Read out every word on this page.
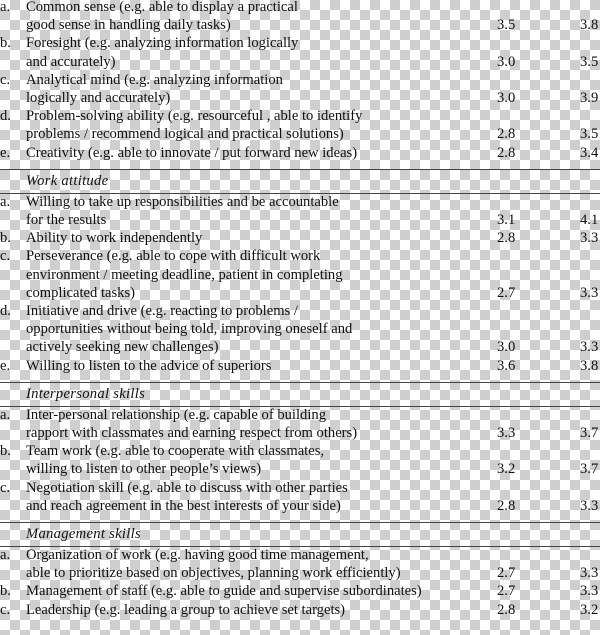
a. Common sense (e.g. able to display a practical
good sense in handling daily tasks)	3.5	3.8
b. Foresight (e.g. analyzing information logically
and accurately)	3.0	3.5
c. Analytical mind (e.g. analyzing information
logically and accurately)	3.0	3.9
d. Problem-solving ability (e.g. resourceful , able to identify
problems / recommend logical and practical solutions)	2.8	3.5
e. Creativity (e.g. able to innovate / put forward new ideas)	2.8	3.4
Work attitude
a. Willing to take up responsibilities and be accountable
for the results	3.1	4.1
b. Ability to work independently	2.8	3.3
c. Perseverance (e.g. able to cope with difficult work
environment / meeting deadline, patient in completing
complicated tasks)	2.7	3.3
d. Initiative and drive (e.g. reacting to problems /
opportunities without being told, improving oneself and
actively seeking new challenges)	3.0	3.3
e. Willing to listen to the advice of superiors	3.6	3.8
Interpersonal skills
a. Inter-personal relationship (e.g. capable of building
rapport with classmates and earning respect from others)	3.3	3.7
b. Team work (e.g. able to cooperate with classmates,
willing to listen to other people’s views)	3.2	3.7
c. Negotiation skill (e.g. able to discuss with other parties
and reach agreement in the best interests of your side)	2.8	3.3
Management skills
a. Organization of work (e.g. having good time management,
able to prioritize based on objectives, planning work efficiently)	2.7	3.3
b. Management of staff (e.g. able to guide and supervise subordinates)	2.7	3.3
c. Leadership (e.g. leading a group to achieve set targets)	2.8	3.2
